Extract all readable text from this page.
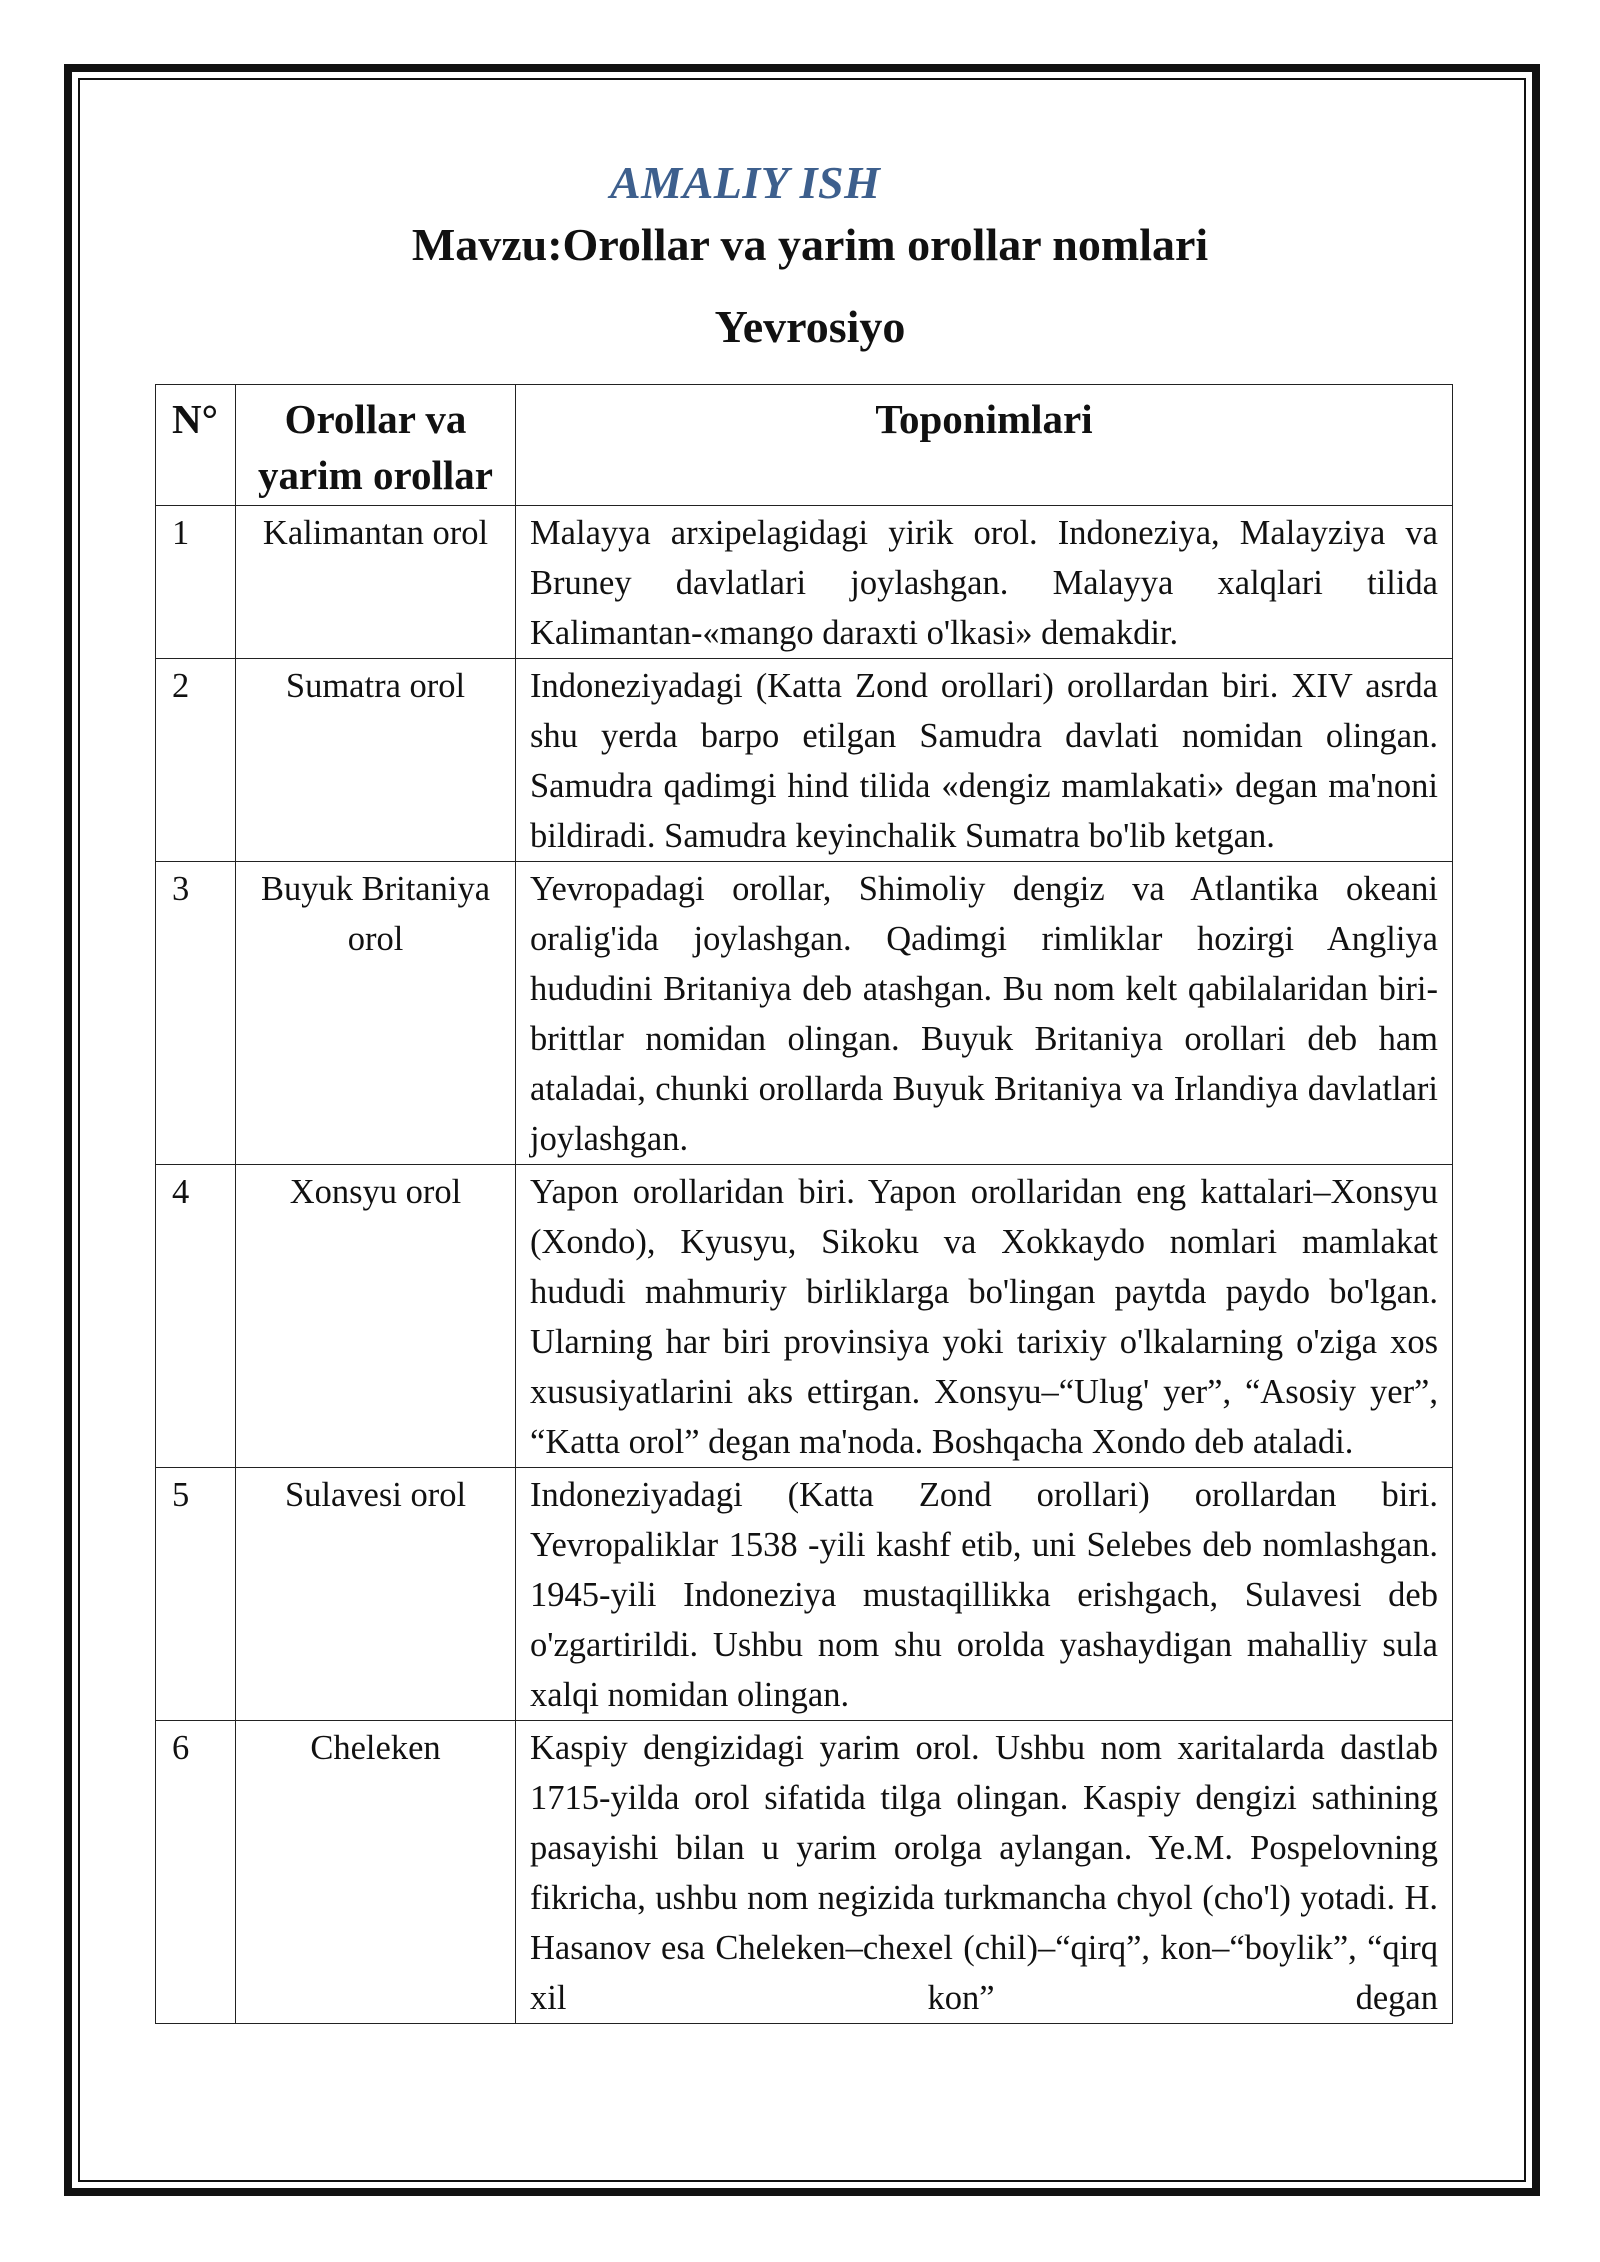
AMALIY ISH
Mavzu:Orollar va yarim orollar nomlari
Yevrosiyo
N°	Orollar va yarim orollar	Toponimlari
1	Kalimantan orol	Malayya arxipelagidagi yirik orol. Indoneziya, Malayziya va Bruney davlatlari joylashgan. Malayya xalqlari tilida Kalimantan-«mango daraxti o'lkasi» demakdir.
2	Sumatra orol	Indoneziyadagi (Katta Zond orollari) orollardan biri. XIV asrda shu yerda barpo etilgan Samudra davlati nomidan olingan. Samudra qadimgi hind tilida «dengiz mamlakati» degan ma'noni bildiradi. Samudra keyinchalik Sumatra bo'lib ketgan.
3	Buyuk Britaniya orol	Yevropadagi orollar, Shimoliy dengiz va Atlantika okeani oralig'ida joylashgan. Qadimgi rimliklar hozirgi Angliya hududini Britaniya deb atashgan. Bu nom kelt qabilalaridan biri-brittlar nomidan olingan. Buyuk Britaniya orollari deb ham ataladai, chunki orollarda Buyuk Britaniya va Irlandiya davlatlari joylashgan.
4	Xonsyu orol	Yapon orollaridan biri. Yapon orollaridan eng kattalari–Xonsyu (Xondo), Kyusyu, Sikoku va Xokkaydo nomlari mamlakat hududi mahmuriy birliklarga bo'lingan paytda paydo bo'lgan. Ularning har biri provinsiya yoki tarixiy o'lkalarning o'ziga xos xususiyatlarini aks ettirgan. Xonsyu–“Ulug' yer”, “Asosiy yer”, “Katta orol” degan ma'noda. Boshqacha Xondo deb ataladi.
5	Sulavesi orol	Indoneziyadagi (Katta Zond orollari) orollardan biri. Yevropaliklar 1538 -yili kashf etib, uni Selebes deb nomlashgan. 1945-yili Indoneziya mustaqillikka erishgach, Sulavesi deb o'zgartirildi. Ushbu nom shu orolda yashaydigan mahalliy sula xalqi nomidan olingan.
6	Cheleken	Kaspiy dengizidagi yarim orol. Ushbu nom xaritalarda dastlab 1715-yilda orol sifatida tilga olingan. Kaspiy dengizi sathining pasayishi bilan u yarim orolga aylangan. Ye.M. Pospelovning fikricha, ushbu nom negizida turkmancha chyol (cho'l) yotadi. H. Hasanov esa Cheleken–chexel (chil)–“qirq”, kon–“boylik”, “qirq xil kon” degan
